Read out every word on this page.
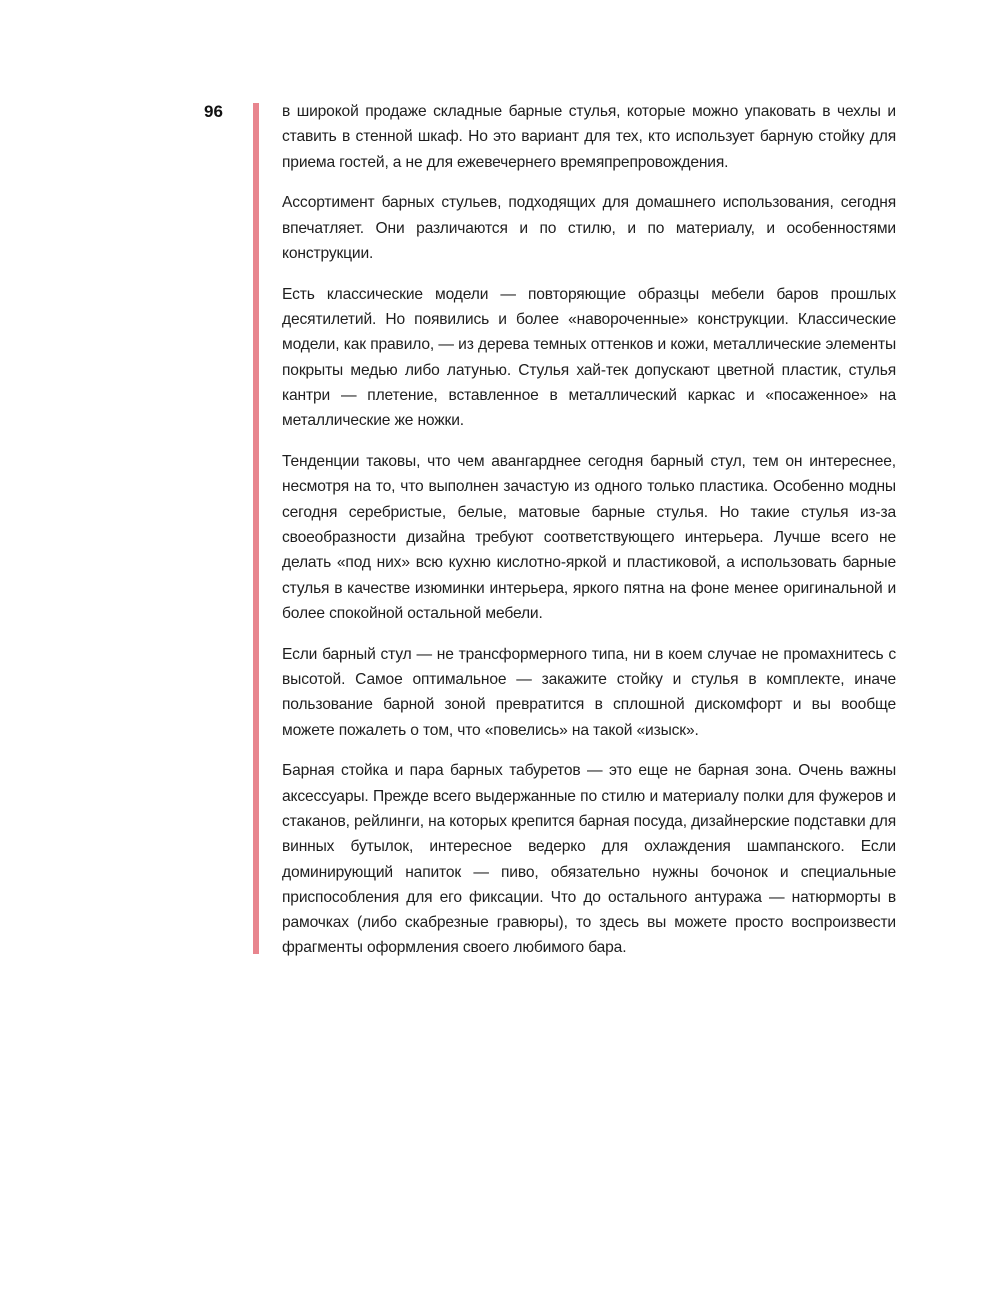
96	в широкой продаже складные барные стулья, которые можно упаковать в чехлы и ставить в стенной шкаф. Но это вариант для тех, кто использует барную стойку для приема гостей, а не для ежевечернего времяпрепровождения.

Ассортимент барных стульев, подходящих для домашнего использования, сегодня впечатляет. Они различаются и по стилю, и по материалу, и особенностями конструкции.

Есть классические модели — повторяющие образцы мебели баров прошлых десятилетий. Но появились и более «навороченные» конструкции. Классические модели, как правило, — из дерева темных оттенков и кожи, металлические элементы покрыты медью либо латунью. Стулья хай-тек допускают цветной пластик, стулья кантри — плетение, вставленное в металлический каркас и «посаженное» на металлические же ножки.

Тенденции таковы, что чем авангарднее сегодня барный стул, тем он интереснее, несмотря на то, что выполнен зачастую из одного только пластика. Особенно модны сегодня серебристые, белые, матовые барные стулья. Но такие стулья из-за своеобразности дизайна требуют соответствующего интерьера. Лучше всего не делать «под них» всю кухню кислотно-яркой и пластиковой, а использовать барные стулья в качестве изюминки интерьера, яркого пятна на фоне менее оригинальной и более спокойной остальной мебели.

Если барный стул — не трансформерного типа, ни в коем случае не промахнитесь с высотой. Самое оптимальное — закажите стойку и стулья в комплекте, иначе пользование барной зоной превратится в сплошной дискомфорт и вы вообще можете пожалеть о том, что «повелись» на такой «изыск».

Барная стойка и пара барных табуретов — это еще не барная зона. Очень важны аксессуары. Прежде всего выдержанные по стилю и материалу полки для фужеров и стаканов, рейлинги, на которых крепится барная посуда, дизайнерские подставки для винных бутылок, интересное ведерко для охлаждения шампанского. Если доминирующий напиток — пиво, обязательно нужны бочонок и специальные приспособления для его фиксации. Что до остального антуража — натюрморты в рамочках (либо скабрезные гравюры), то здесь вы можете просто воспроизвести фрагменты оформления своего любимого бара.
